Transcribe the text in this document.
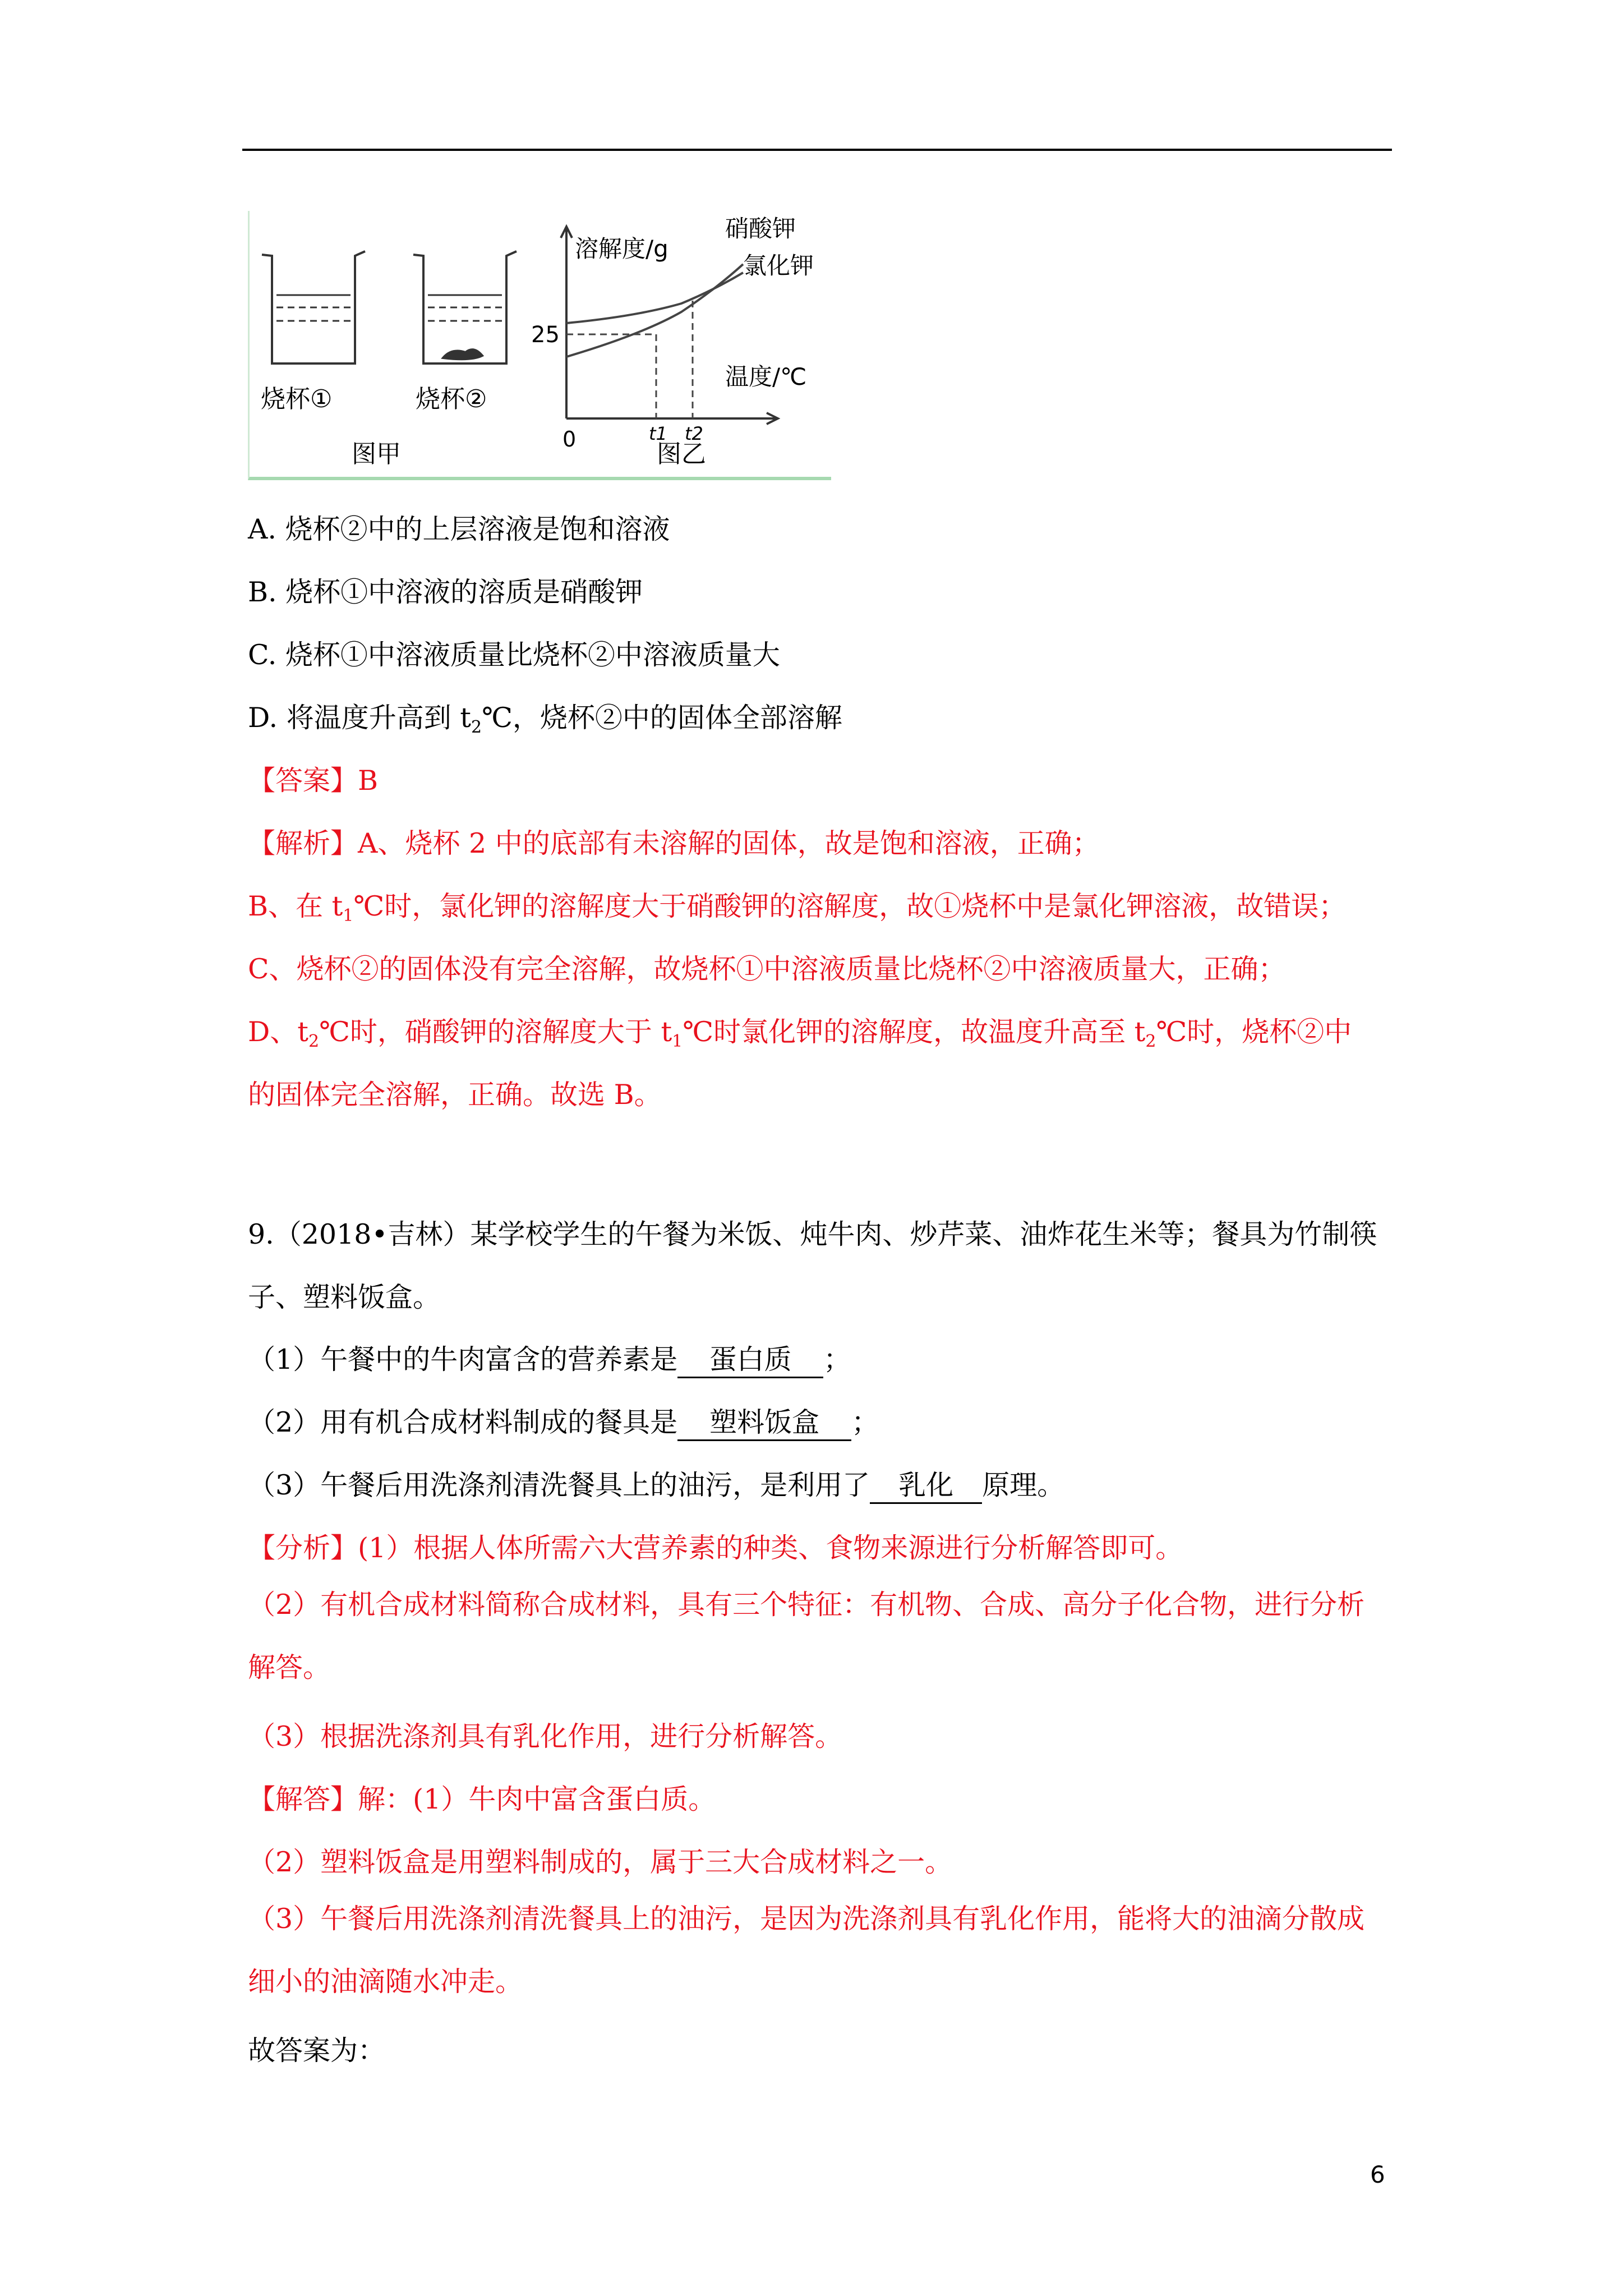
烧杯①	烧杯②
图甲
溶解度/g
硝酸钾
氯化钾
25
温度/℃
0	t1 t2
图乙
A. 烧杯②中的上层溶液是饱和溶液
B. 烧杯①中溶液的溶质是硝酸钾
C. 烧杯①中溶液质量比烧杯②中溶液质量大
D. 将温度升高到 $t_2℃$，烧杯②中的固体全部溶解
【答案】B
【解析】A、烧杯 2 中的底部有未溶解的固体，故是饱和溶液，正确；
B、在 $t_1℃$时，氯化钾的溶解度大于硝酸钾的溶解度，故①烧杯中是氯化钾溶液，故错误；
C、烧杯②的固体没有完全溶解，故烧杯①中溶液质量比烧杯②中溶液质量大，正确；
D、$t_2℃$时，硝酸钾的溶解度大于 $t_1℃$时氯化钾的溶解度，故温度升高至 $t_2℃$时，烧杯②中
的固体完全溶解，正确。故选 B。
9.（2018•吉林）某学校学生的午餐为米饭、炖牛肉、炒芹菜、油炸花生米等；餐具为竹制筷子、塑料饭盒。
（1）午餐中的牛肉富含的营养素是 蛋白质 ；
（2）用有机合成材料制成的餐具是 塑料饭盒 ；
（3）午餐后用洗涤剂清洗餐具上的油污，是利用了 乳化 原理。
【分析】(1）根据人体所需六大营养素的种类、食物来源进行分析解答即可。
（2）有机合成材料简称合成材料，具有三个特征：有机物、合成、高分子化合物，进行分析解答。
（3）根据洗涤剂具有乳化作用，进行分析解答。
【解答】解：(1）牛肉中富含蛋白质。
（2）塑料饭盒是用塑料制成的，属于三大合成材料之一。
（3）午餐后用洗涤剂清洗餐具上的油污，是因为洗涤剂具有乳化作用，能将大的油滴分散成细小的油滴随水冲走。
故答案为：
6
